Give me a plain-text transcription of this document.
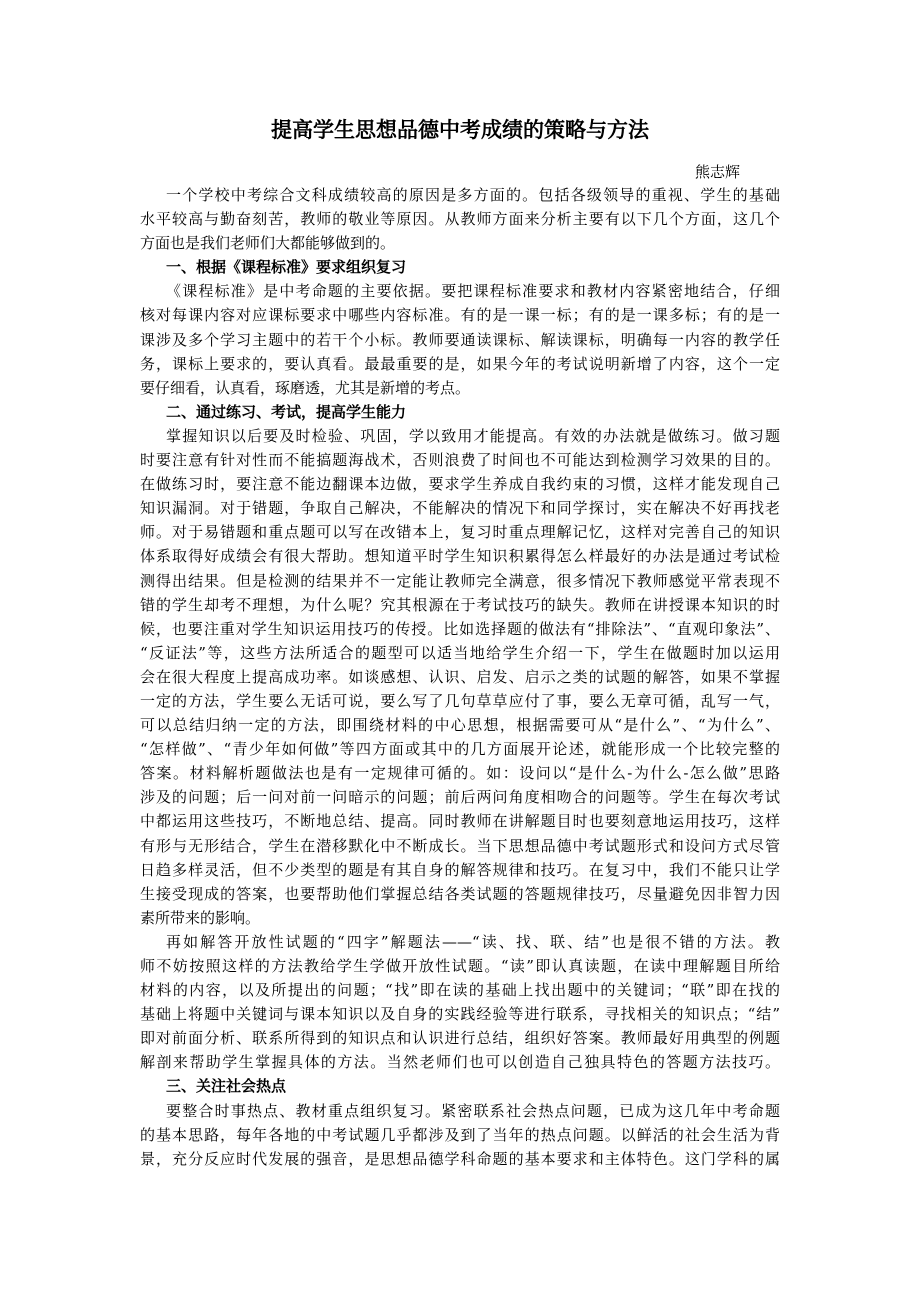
提高学生思想品德中考成绩的策略与方法
熊志辉
一个学校中考综合文科成绩较高的原因是多方面的。包括各级领导的重视、学生的基础
水平较高与勤奋刻苦，教师的敬业等原因。从教师方面来分析主要有以下几个方面，这几个
方面也是我们老师们大都能够做到的。
一、根据《课程标准》要求组织复习
《课程标准》是中考命题的主要依据。要把课程标准要求和教材内容紧密地结合，仔细
核对每课内容对应课标要求中哪些内容标准。有的是一课一标；有的是一课多标；有的是一
课涉及多个学习主题中的若干个小标。教师要通读课标、解读课标，明确每一内容的教学任
务，课标上要求的，要认真看。最最重要的是，如果今年的考试说明新增了内容，这个一定
要仔细看，认真看，琢磨透，尤其是新增的考点。
二、通过练习、考试，提高学生能力
掌握知识以后要及时检验、巩固，学以致用才能提高。有效的办法就是做练习。做习题
时要注意有针对性而不能搞题海战术，否则浪费了时间也不可能达到检测学习效果的目的。
在做练习时，要注意不能边翻课本边做，要求学生养成自我约束的习惯，这样才能发现自己
知识漏洞。对于错题，争取自己解决，不能解决的情况下和同学探讨，实在解决不好再找老
师。对于易错题和重点题可以写在改错本上，复习时重点理解记忆，这样对完善自己的知识
体系取得好成绩会有很大帮助。想知道平时学生知识积累得怎么样最好的办法是通过考试检
测得出结果。但是检测的结果并不一定能让教师完全满意，很多情况下教师感觉平常表现不
错的学生却考不理想，为什么呢？究其根源在于考试技巧的缺失。教师在讲授课本知识的时
候，也要注重对学生知识运用技巧的传授。比如选择题的做法有“排除法”、“直观印象法”、
“反证法”等，这些方法所适合的题型可以适当地给学生介绍一下，学生在做题时加以运用
会在很大程度上提高成功率。如谈感想、认识、启发、启示之类的试题的解答，如果不掌握
一定的方法，学生要么无话可说，要么写了几句草草应付了事，要么无章可循，乱写一气，
可以总结归纳一定的方法，即围绕材料的中心思想，根据需要可从“是什么”、“为什么”、
“怎样做”、“青少年如何做”等四方面或其中的几方面展开论述，就能形成一个比较完整的
答案。材料解析题做法也是有一定规律可循的。如：设问以“是什么-为什么-怎么做”思路
涉及的问题；后一问对前一问暗示的问题；前后两问角度相吻合的问题等。学生在每次考试
中都运用这些技巧，不断地总结、提高。同时教师在讲解题目时也要刻意地运用技巧，这样
有形与无形结合，学生在潜移默化中不断成长。当下思想品德中考试题形式和设问方式尽管
日趋多样灵活，但不少类型的题是有其自身的解答规律和技巧。在复习中，我们不能只让学
生接受现成的答案，也要帮助他们掌握总结各类试题的答题规律技巧，尽量避免因非智力因
素所带来的影响。
再如解答开放性试题的“四字”解题法——“读、找、联、结”也是很不错的方法。教
师不妨按照这样的方法教给学生学做开放性试题。“读”即认真读题，在读中理解题目所给
材料的内容，以及所提出的问题；“找”即在读的基础上找出题中的关键词；“联”即在找的
基础上将题中关键词与课本知识以及自身的实践经验等进行联系，寻找相关的知识点；“结”
即对前面分析、联系所得到的知识点和认识进行总结，组织好答案。教师最好用典型的例题
解剖来帮助学生掌握具体的方法。当然老师们也可以创造自己独具特色的答题方法技巧。
三、关注社会热点
要整合时事热点、教材重点组织复习。紧密联系社会热点问题，已成为这几年中考命题
的基本思路，每年各地的中考试题几乎都涉及到了当年的热点问题。以鲜活的社会生活为背
景，充分反应时代发展的强音，是思想品德学科命题的基本要求和主体特色。这门学科的属
